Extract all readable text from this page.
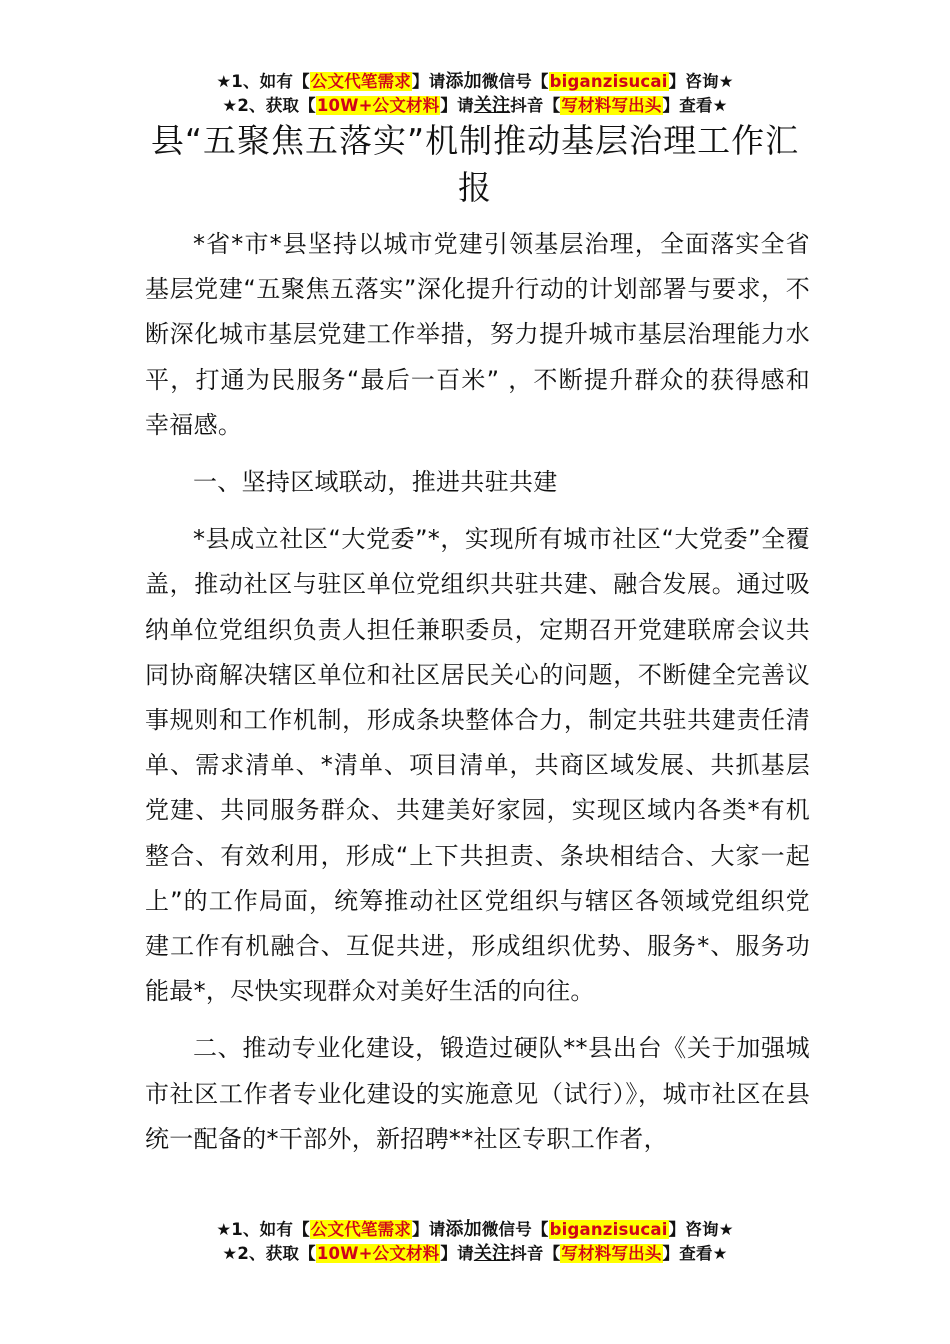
★1、如有【公文代笔需求】请添加微信号【biganzisucai】咨询★
★2、获取【10W+公文材料】请关注抖音【写材料写出头】查看★
县“五聚焦五落实”机制推动基层治理工作汇报

*省*市*县坚持以城市党建引领基层治理，全面落实全省基层党建“五聚焦五落实”深化提升行动的计划部署与要求，不断深化城市基层党建工作举措，努力提升城市基层治理能力水平，打通为民服务“最后一百米” ，不断提升群众的获得感和幸福感。

一、坚持区域联动，推进共驻共建

*县成立社区“大党委”*，实现所有城市社区“大党委”全覆盖，推动社区与驻区单位党组织共驻共建、融合发展。通过吸纳单位党组织负责人担任兼职委员，定期召开党建联席会议共同协商解决辖区单位和社区居民关心的问题，不断健全完善议事规则和工作机制，形成条块整体合力，制定共驻共建责任清单、需求清单、*清单、项目清单，共商区域发展、共抓基层党建、共同服务群众、共建美好家园，实现区域内各类*有机整合、有效利用，形成“上下共担责、条块相结合、大家一起上”的工作局面，统筹推动社区党组织与辖区各领域党组织党建工作有机融合、互促共进，形成组织优势、服务*、服务功能最*，尽快实现群众对美好生活的向往。

二、推动专业化建设，锻造过硬队**县出台《关于加强城市社区工作者专业化建设的实施意见（试行）》，城市社区在县统一配备的*干部外，新招聘**社区专职工作者，

★1、如有【公文代笔需求】请添加微信号【biganzisucai】咨询★
★2、获取【10W+公文材料】请关注抖音【写材料写出头】查看★
